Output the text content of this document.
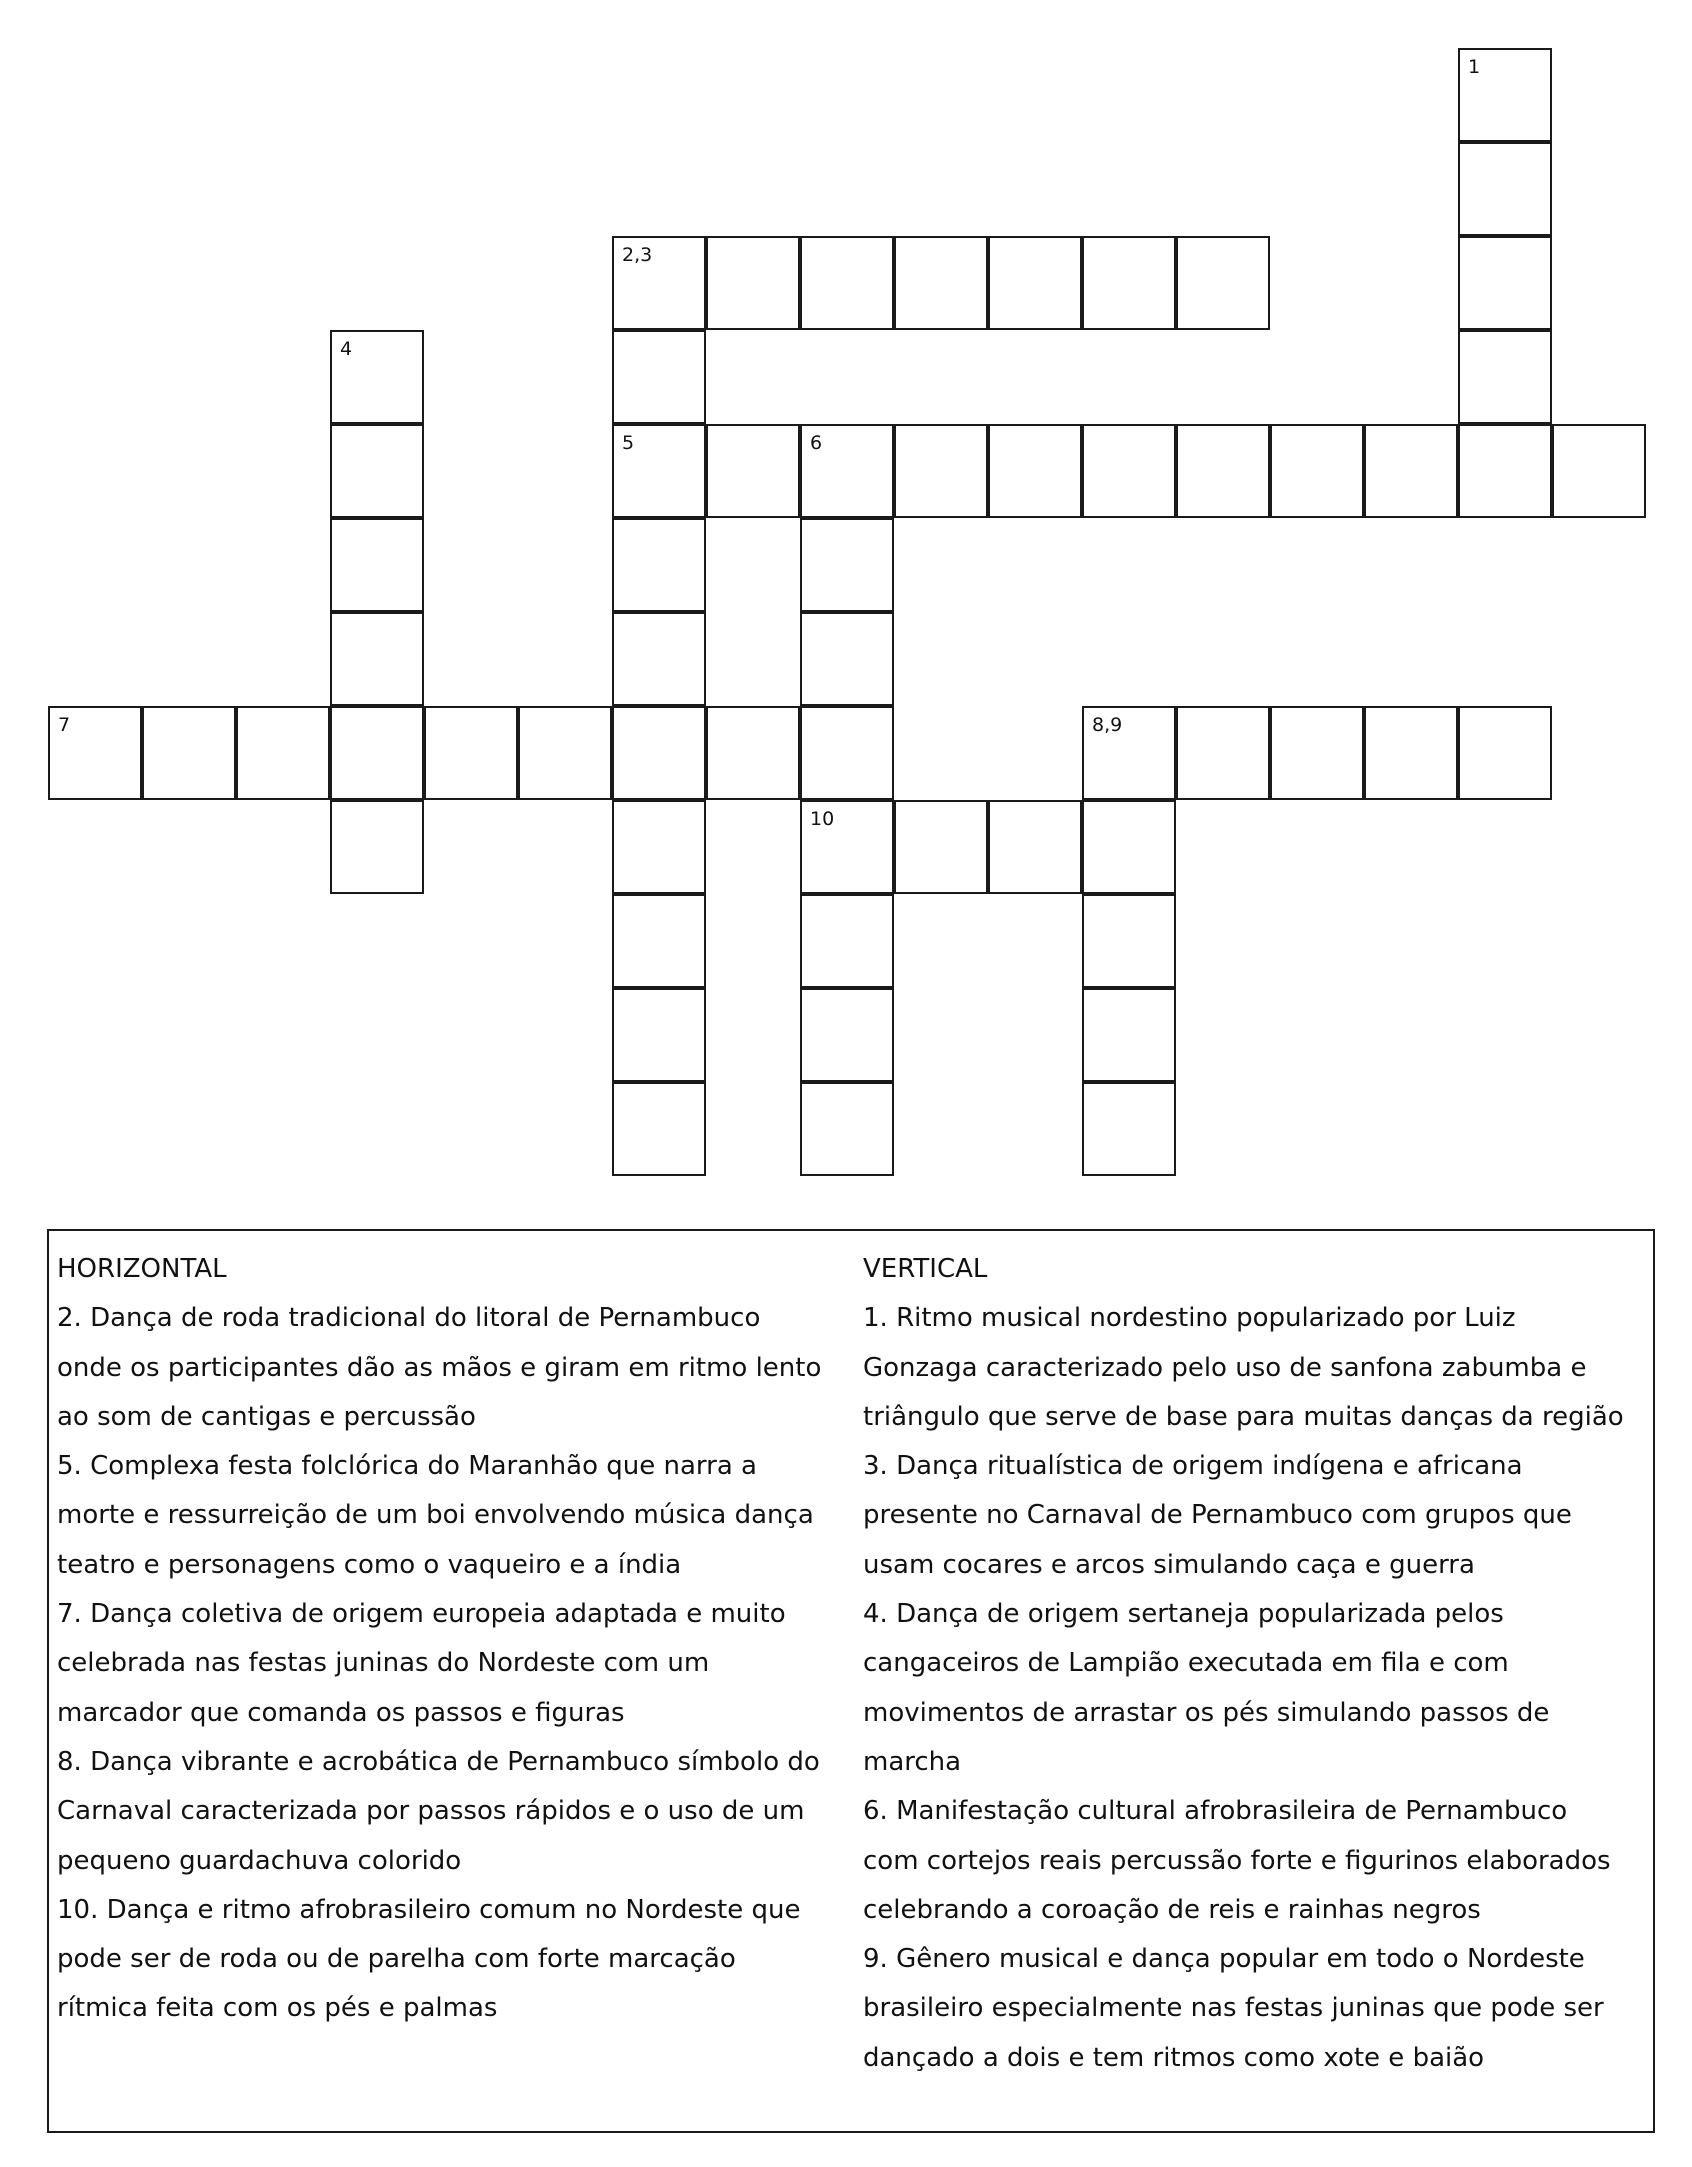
1
2,3
4
5	6
7	8,9
10
HORIZONTAL
2. Dança de roda tradicional do litoral de Pernambuco
onde os participantes dão as mãos e giram em ritmo lento
ao som de cantigas e percussão
5. Complexa festa folclórica do Maranhão que narra a
morte e ressurreição de um boi envolvendo música dança
teatro e personagens como o vaqueiro e a índia
7. Dança coletiva de origem europeia adaptada e muito
celebrada nas festas juninas do Nordeste com um
marcador que comanda os passos e figuras
8. Dança vibrante e acrobática de Pernambuco símbolo do
Carnaval caracterizada por passos rápidos e o uso de um
pequeno guardachuva colorido
10. Dança e ritmo afrobrasileiro comum no Nordeste que
pode ser de roda ou de parelha com forte marcação
rítmica feita com os pés e palmas
VERTICAL
1. Ritmo musical nordestino popularizado por Luiz
Gonzaga caracterizado pelo uso de sanfona zabumba e
triângulo que serve de base para muitas danças da região
3. Dança ritualística de origem indígena e africana
presente no Carnaval de Pernambuco com grupos que
usam cocares e arcos simulando caça e guerra
4. Dança de origem sertaneja popularizada pelos
cangaceiros de Lampião executada em fila e com
movimentos de arrastar os pés simulando passos de
marcha
6. Manifestação cultural afrobrasileira de Pernambuco
com cortejos reais percussão forte e figurinos elaborados
celebrando a coroação de reis e rainhas negros
9. Gênero musical e dança popular em todo o Nordeste
brasileiro especialmente nas festas juninas que pode ser
dançado a dois e tem ritmos como xote e baião
